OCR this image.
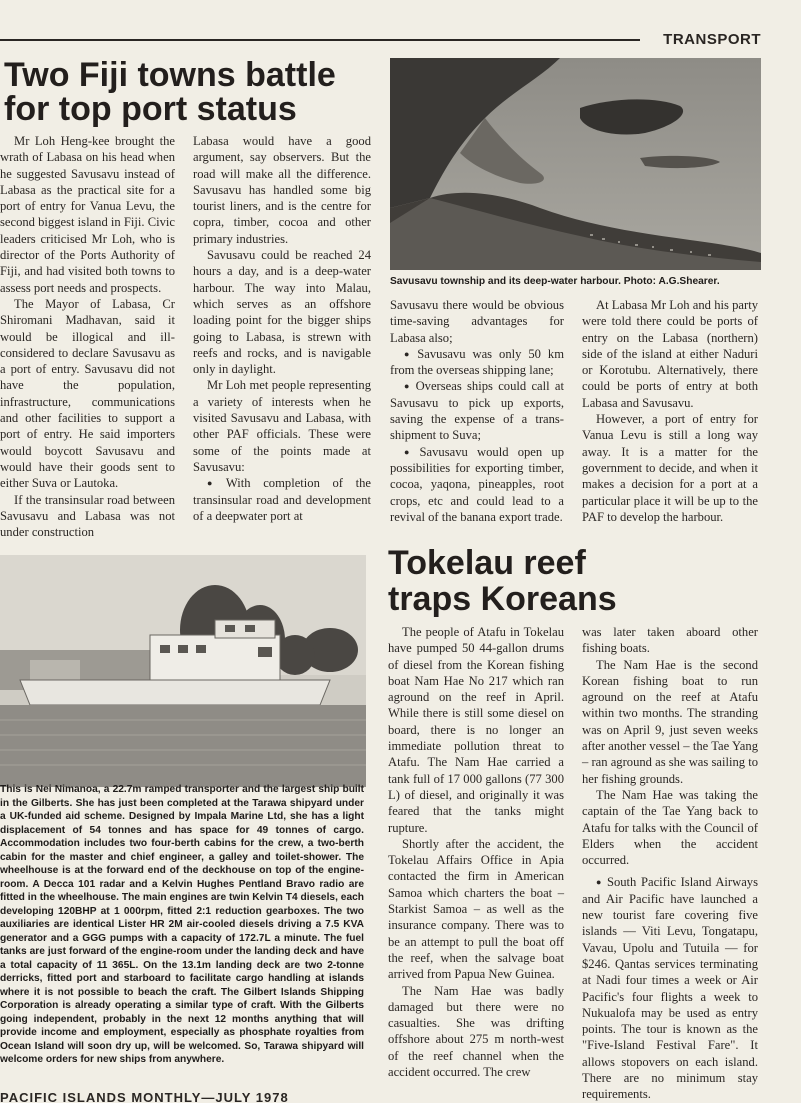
TRANSPORT
Two Fiji towns battle
for top port status

Mr Loh Heng-kee brought the wrath of Labasa on his head when he suggested Savusavu instead of Labasa as the practical site for a port of entry for Vanua Levu, the second biggest island in Fiji. Civic leaders criticised Mr Loh, who is director of the Ports Authority of Fiji, and had visited both towns to assess port needs and prospects.

The Mayor of Labasa, Cr Shiromani Madhavan, said it would be illogical and ill-considered to declare Savusavu as a port of entry. Savusavu did not have the population, infrastructure, communications and other facilities to support a port of entry. He said importers would boycott Savusavu and would have their goods sent to either Suva or Lautoka.

If the transinsular road between Savusavu and Labasa was not under construction

Labasa would have a good argument, say observers. But the road will make all the difference. Savusavu has handled some big tourist liners, and is the centre for copra, timber, cocoa and other primary industries.

Savusavu could be reached 24 hours a day, and is a deep-water harbour. The way into Malau, which serves as an offshore loading point for the bigger ships going to Labasa, is strewn with reefs and rocks, and is navigable only in daylight.

Mr Loh met people representing a variety of interests when he visited Savusavu and Labasa, with other PAF officials. These were some of the points made at Savusavu:

● With completion of the transinsular road and development of a deepwater port at

Savusavu township and its deep-water harbour. Photo: A.G.Shearer.

Savusavu there would be obvious time-saving advantages for Labasa also;

● Savusavu was only 50 km from the overseas shipping lane;

● Overseas ships could call at Savusavu to pick up exports, saving the expense of a trans-shipment to Suva;

● Savusavu would open up possibilities for exporting timber, cocoa, yaqona, pineapples, root crops, etc and could lead to a revival of the banana export trade.

At Labasa Mr Loh and his party were told there could be ports of entry on the Labasa (northern) side of the island at either Naduri or Korotubu. Alternatively, there could be ports of entry at both Labasa and Savusavu.

However, a port of entry for Vanua Levu is still a long way away. It is a matter for the government to decide, and when it makes a decision for a port at a particular place it will be up to the PAF to develop the harbour.

This is Nei Nimanoa, a 22.7m ramped transporter and the largest ship built in the Gilberts. She has just been completed at the Tarawa shipyard under a UK-funded aid scheme. Designed by Impala Marine Ltd, she has a light displacement of 54 tonnes and has space for 49 tonnes of cargo. Accommodation includes two four-berth cabins for the crew, a two-berth cabin for the master and chief engineer, a galley and toilet-shower. The wheelhouse is at the forward end of the deckhouse on top of the engine-room. A Decca 101 radar and a Kelvin Hughes Pentland Bravo radio are fitted in the wheelhouse. The main engines are twin Kelvin T4 diesels, each developing 120BHP at 1 000rpm, fitted 2:1 reduction gearboxes. The two auxiliaries are identical Lister HR 2M air-cooled diesels driving a 7.5 KVA generator and a GGG pumps with a capacity of 172.7L a minute. The fuel tanks are just forward of the engine-room under the landing deck and have a total capacity of 11 365L. On the 13.1m landing deck are two 2-tonne derricks, fitted port and starboard to facilitate cargo handling at islands where it is not possible to beach the craft. The Gilbert Islands Shipping Corporation is already operating a similar type of craft. With the Gilberts going independent, probably in the next 12 months anything that will provide income and employment, especially as phosphate royalties from Ocean Island will soon dry up, will be welcomed. So, Tarawa shipyard will welcome orders for new ships from anywhere.
Tokelau reef
traps Koreans

The people of Atafu in Tokelau have pumped 50 44-gallon drums of diesel from the Korean fishing boat Nam Hae No 217 which ran aground on the reef in April. While there is still some diesel on board, there is no longer an immediate pollution threat to Atafu. The Nam Hae carried a tank full of 17 000 gallons (77 300 L) of diesel, and originally it was feared that the tanks might rupture.

Shortly after the accident, the Tokelau Affairs Office in Apia contacted the firm in American Samoa which charters the boat – Starkist Samoa – as well as the insurance company. There was to be an attempt to pull the boat off the reef, when the salvage boat arrived from Papua New Guinea.

The Nam Hae was badly damaged but there were no casualties. She was drifting offshore about 275 m north-west of the reef channel when the accident occurred. The crew

was later taken aboard other fishing boats.

The Nam Hae is the second Korean fishing boat to run aground on the reef at Atafu within two months. The stranding was on April 9, just seven weeks after another vessel – the Tae Yang – ran aground as she was sailing to her fishing grounds.

The Nam Hae was taking the captain of the Tae Yang back to Atafu for talks with the Council of Elders when the accident occurred.

● South Pacific Island Airways and Air Pacific have launched a new tourist fare covering five islands — Viti Levu, Tongatapu, Vavau, Upolu and Tutuila — for $246. Qantas services terminating at Nadi four times a week or Air Pacific's four flights a week to Nukualofa may be used as entry points. The tour is known as the "Five-Island Festival Fare". It allows stopovers on each island. There are no minimum stay requirements.

PACIFIC ISLANDS MONTHLY—JULY 1978
